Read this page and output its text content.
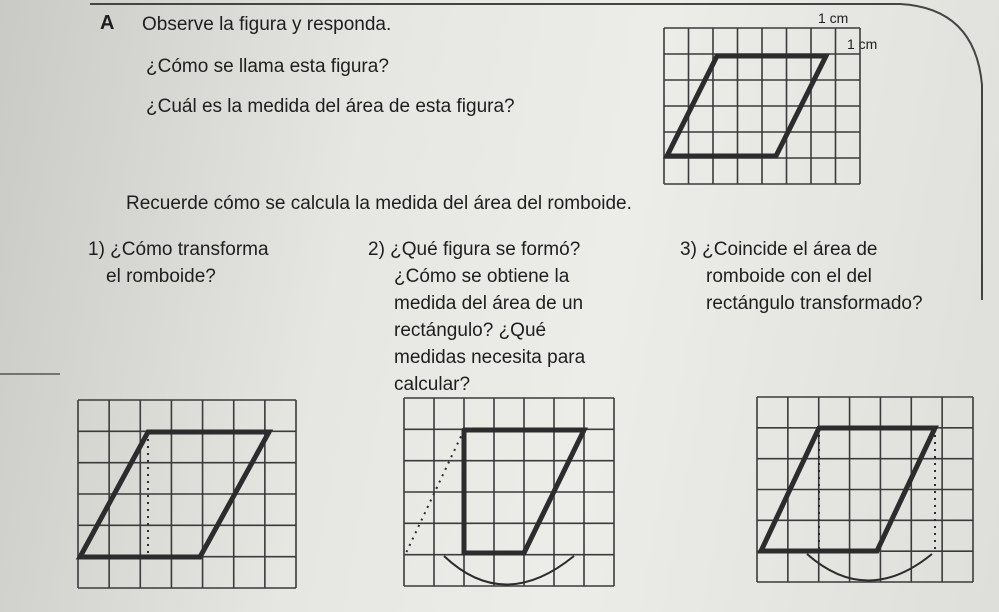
A Observe la figura y responda.
¿Cómo se llama esta figura?
¿Cuál es la medida del área de esta figura?
1 cm
1 cm
Recuerde cómo se calcula la medida del área del romboide.
1) ¿Cómo transforma
el romboide?
2) ¿Qué figura se formó?
¿Cómo se obtiene la
medida del área de un
rectángulo? ¿Qué
medidas necesita para
calcular?
3) ¿Coincide el área de
romboide con el del
rectángulo transformado?
